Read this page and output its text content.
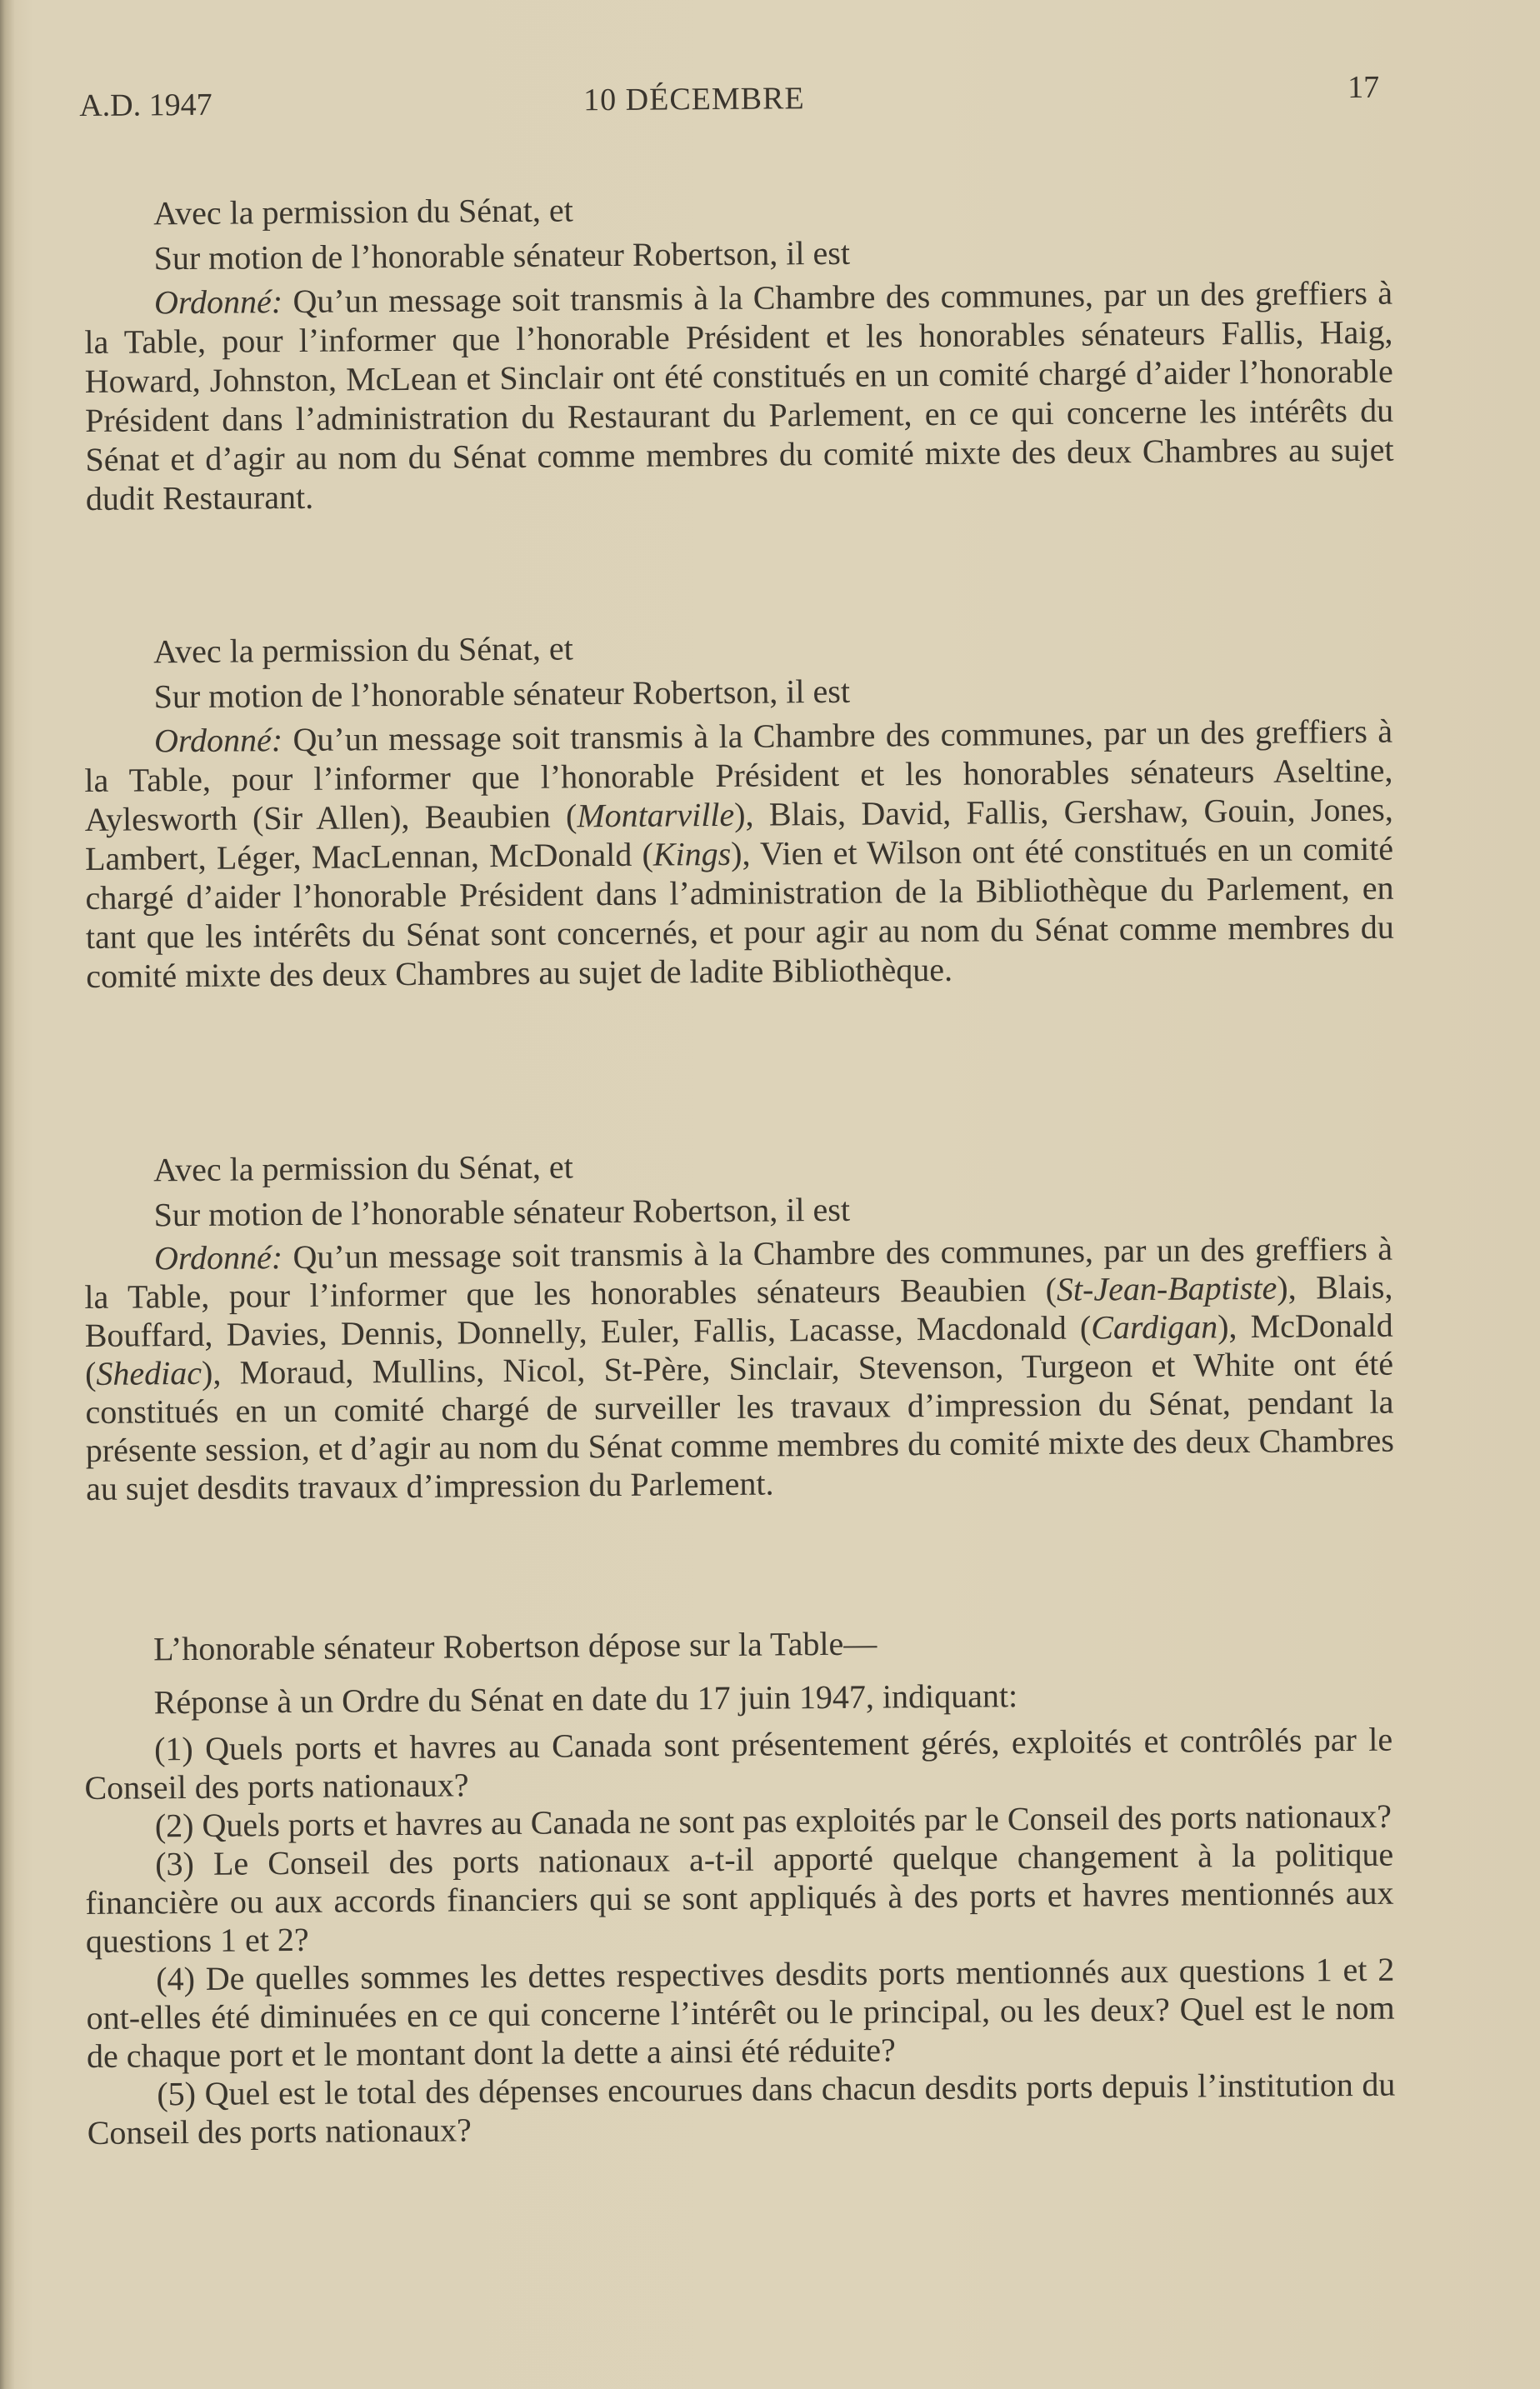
A.D. 1947	10 DÉCEMBRE	17

Avec la permission du Sénat, et

Sur motion de l’honorable sénateur Robertson, il est

Ordonné: Qu’un message soit transmis à la Chambre des communes, par un des greffiers à la Table, pour l’informer que l’honorable Président et les honorables sénateurs Fallis, Haig, Howard, Johnston, McLean et Sinclair ont été constitués en un comité chargé d’aider l’honorable Président dans l’administration du Restaurant du Parlement, en ce qui concerne les intérêts du Sénat et d’agir au nom du Sénat comme membres du comité mixte des deux Chambres au sujet dudit Restaurant.

Avec la permission du Sénat, et

Sur motion de l’honorable sénateur Robertson, il est

Ordonné: Qu’un message soit transmis à la Chambre des communes, par un des greffiers à la Table, pour l’informer que l’honorable Président et les honorables sénateurs Aseltine, Aylesworth (Sir Allen), Beaubien (Montarville), Blais, David, Fallis, Gershaw, Gouin, Jones, Lambert, Léger, MacLennan, McDonald (Kings), Vien et Wilson ont été constitués en un comité chargé d’aider l’honorable Président dans l’administration de la Bibliothèque du Parlement, en tant que les intérêts du Sénat sont concernés, et pour agir au nom du Sénat comme membres du comité mixte des deux Chambres au sujet de ladite Bibliothèque.

Avec la permission du Sénat, et

Sur motion de l’honorable sénateur Robertson, il est

Ordonné: Qu’un message soit transmis à la Chambre des communes, par un des greffiers à la Table, pour l’informer que les honorables sénateurs Beaubien (St-Jean-Baptiste), Blais, Bouffard, Davies, Dennis, Donnelly, Euler, Fallis, Lacasse, Macdonald (Cardigan), McDonald (Shediac), Moraud, Mullins, Nicol, St-Père, Sinclair, Stevenson, Turgeon et White ont été constitués en un comité chargé de surveiller les travaux d’impression du Sénat, pendant la présente session, et d’agir au nom du Sénat comme membres du comité mixte des deux Chambres au sujet desdits travaux d’impression du Parlement.

L’honorable sénateur Robertson dépose sur la Table—

Réponse à un Ordre du Sénat en date du 17 juin 1947, indiquant:

(1) Quels ports et havres au Canada sont présentement gérés, exploités et contrôlés par le Conseil des ports nationaux?

(2) Quels ports et havres au Canada ne sont pas exploités par le Conseil des ports nationaux?

(3) Le Conseil des ports nationaux a-t-il apporté quelque changement à la politique financière ou aux accords financiers qui se sont appliqués à des ports et havres mentionnés aux questions 1 et 2?

(4) De quelles sommes les dettes respectives desdits ports mentionnés aux questions 1 et 2 ont-elles été diminuées en ce qui concerne l’intérêt ou le principal, ou les deux? Quel est le nom de chaque port et le montant dont la dette a ainsi été réduite?

(5) Quel est le total des dépenses encourues dans chacun desdits ports depuis l’institution du Conseil des ports nationaux?
